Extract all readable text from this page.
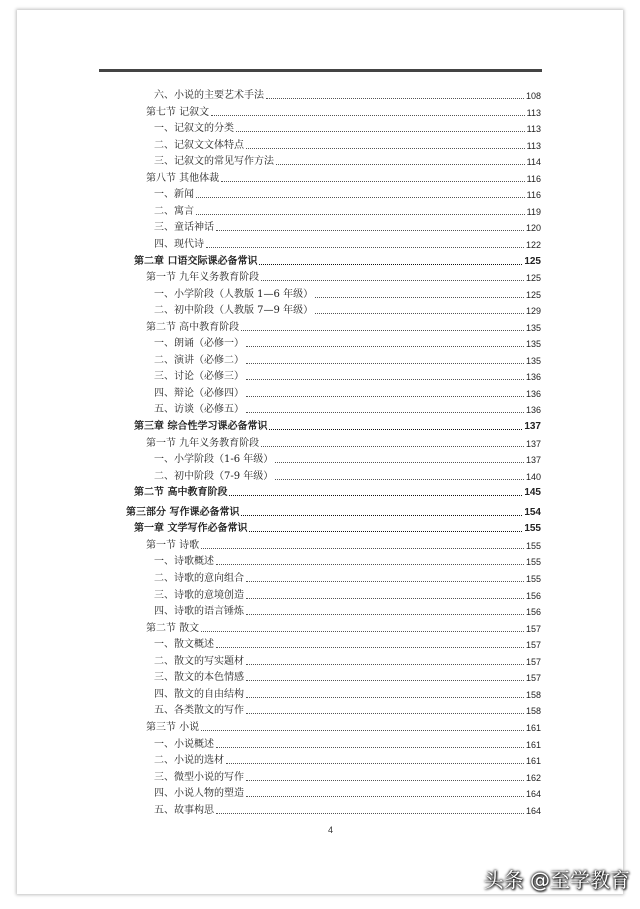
六、小说的主要艺术手法	108
第七节 记叙文	113
一、记叙文的分类	113
二、记叙文文体特点	113
三、记叙文的常见写作方法	114
第八节 其他体裁	116
一、新闻	116
二、寓言	119
三、童话神话	120
四、现代诗	122
第二章 口语交际课必备常识	125
第一节 九年义务教育阶段	125
一、小学阶段（人教版 1—6 年级）	125
二、初中阶段（人教版 7—9 年级）	129
第二节 高中教育阶段	135
一、朗诵（必修一）	135
二、演讲（必修二）	135
三、讨论（必修三）	136
四、辩论（必修四）	136
五、访谈（必修五）	136
第三章 综合性学习课必备常识	137
第一节 九年义务教育阶段	137
一、小学阶段（1-6 年级）	137
二、初中阶段（7-9 年级）	140
第二节 高中教育阶段	145
第三部分 写作课必备常识	154
第一章 文学写作必备常识	155
第一节 诗歌	155
一、诗歌概述	155
二、诗歌的意向组合	155
三、诗歌的意境创造	156
四、诗歌的语言锤炼	156
第二节 散文	157
一、散文概述	157
二、散文的写实题材	157
三、散文的本色情感	157
四、散文的自由结构	158
五、各类散文的写作	158
第三节 小说	161
一、小说概述	161
二、小说的选材	161
三、微型小说的写作	162
四、小说人物的塑造	164
五、故事构思	164
4
头条 @至学教育
